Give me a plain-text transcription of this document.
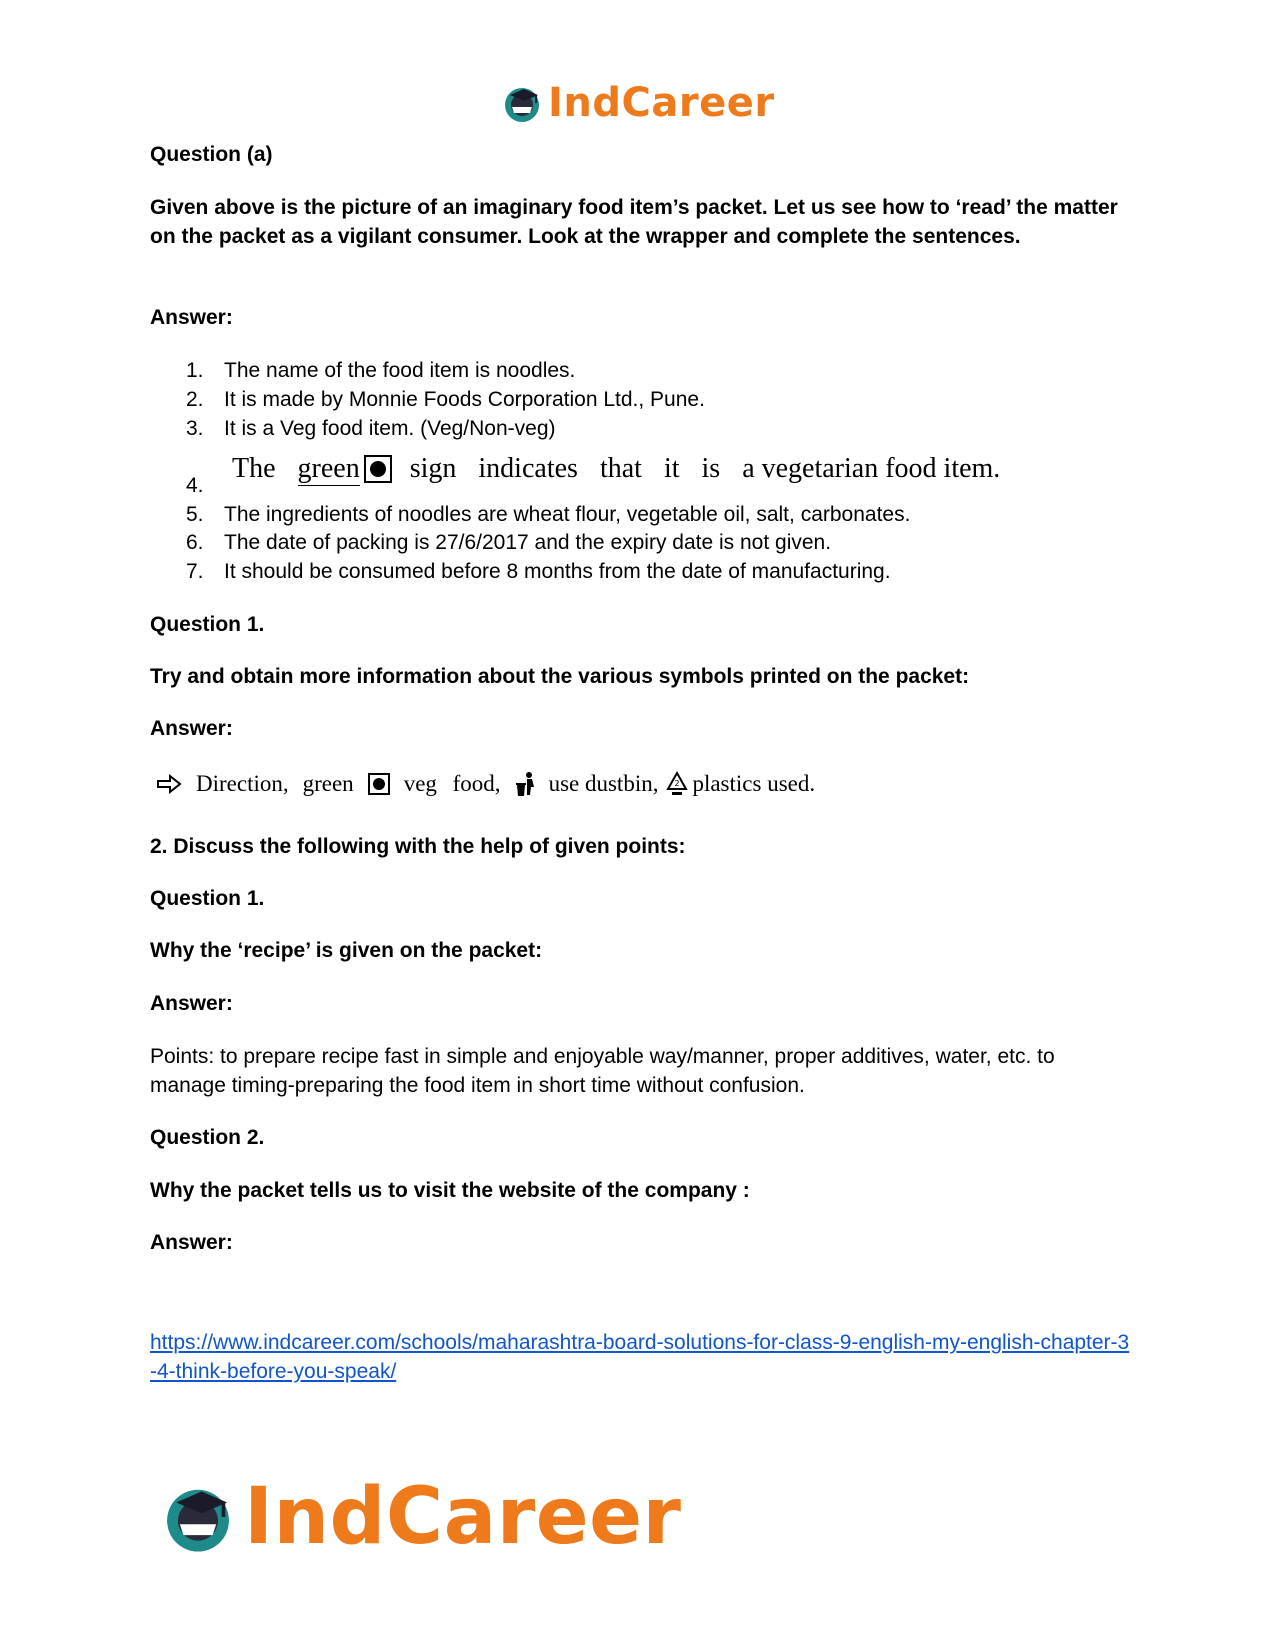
IndCareer

Question (a)

Given above is the picture of an imaginary food item’s packet. Let us see how to ‘read’ the matter on the packet as a vigilant consumer. Look at the wrapper and complete the sentences.

Answer:

1. The name of the food item is noodles.
2. It is made by Monnie Foods Corporation Ltd., Pune.
3. It is a Veg food item. (Veg/Non-veg)
4.
The green sign indicates that it is a vegetarian food item.
5. The ingredients of noodles are wheat flour, vegetable oil, salt, carbonates.
6. The date of packing is 27/6/2017 and the expiry date is not given.
7. It should be consumed before 8 months from the date of manufacturing.

Question 1.

Try and obtain more information about the various symbols printed on the packet:

Answer:

Direction, green veg food, use dustbin, 2 plastics used.

2. Discuss the following with the help of given points:

Question 1.

Why the ‘recipe’ is given on the packet:

Answer:

Points: to prepare recipe fast in simple and enjoyable way/manner, proper additives, water, etc. to manage timing-preparing the food item in short time without confusion.

Question 2.

Why the packet tells us to visit the website of the company :

Answer:

https://www.indcareer.com/schools/maharashtra-board-solutions-for-class-9-english-my-english-chapter-3-4-think-before-you-speak/

IndCareer
